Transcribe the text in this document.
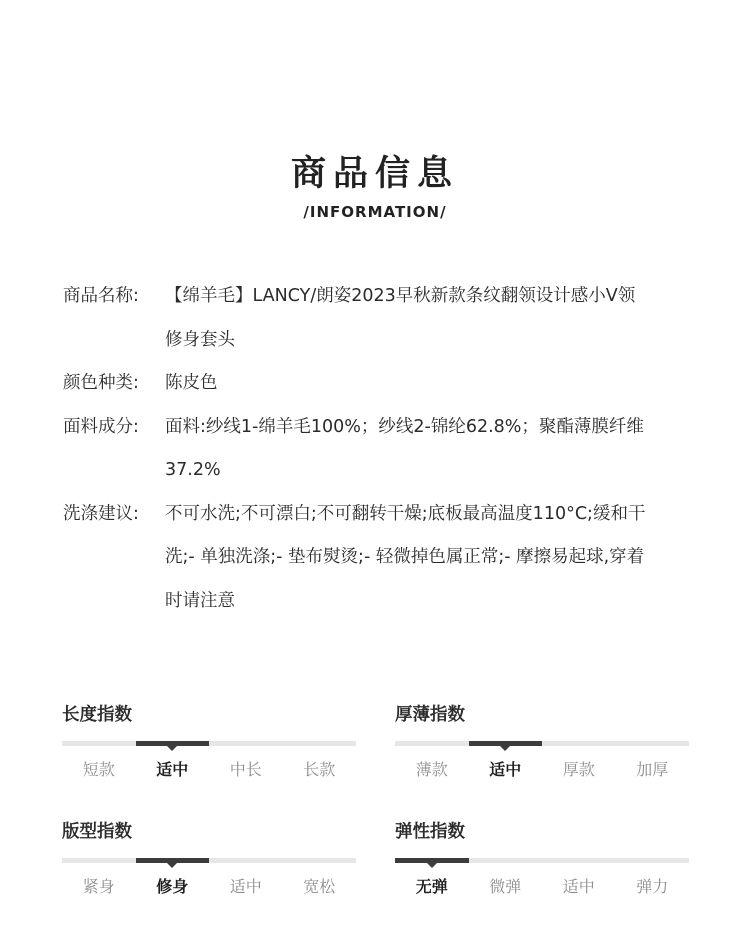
商品信息
/INFORMATION/
商品名称:	【绵羊毛】LANCY/朗姿2023早秋新款条纹翻领设计感小V领
修身套头
颜色种类:	陈皮色
面料成分:	面料:纱线1-绵羊毛100%；纱线2-锦纶62.8%；聚酯薄膜纤维
37.2%
洗涤建议:	不可水洗;不可漂白;不可翻转干燥;底板最高温度110°C;缓和干
洗;- 单独洗涤;- 垫布熨烫;- 轻微掉色属正常;- 摩擦易起球,穿着
时请注意
长度指数
短款	适中	中长	长款
厚薄指数
薄款	适中	厚款	加厚
版型指数
紧身	修身	适中	宽松
弹性指数
无弹	微弹	适中	弹力
